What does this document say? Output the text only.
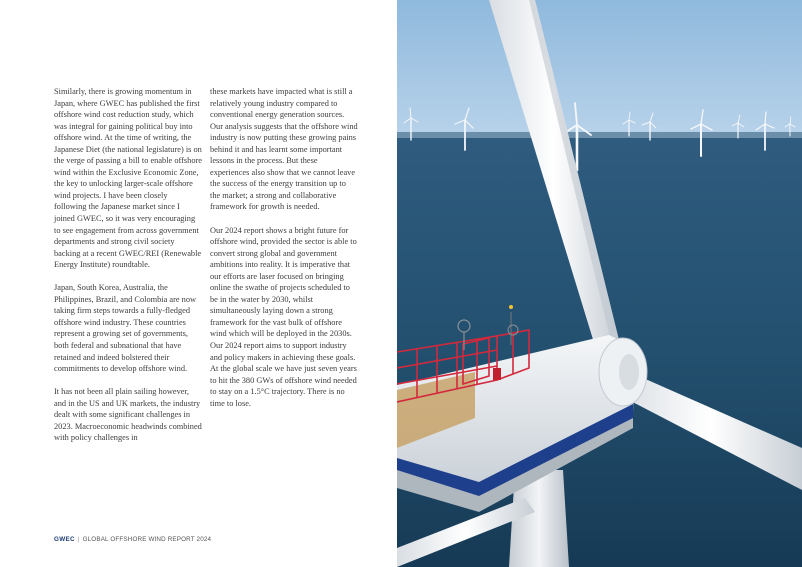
Similarly, there is growing momentum in Japan, where GWEC has published the first offshore wind cost reduction study, which was integral for gaining political buy into offshore wind. At the time of writing, the Japanese Diet (the national legislature) is on the verge of passing a bill to enable offshore wind within the Exclusive Economic Zone, the key to unlocking larger-scale offshore wind projects. I have been closely following the Japanese market since I joined GWEC, so it was very encouraging to see engagement from across government departments and strong civil society backing at a recent GWEC/REI (Renewable Energy Institute) roundtable.

Japan, South Korea, Australia, the Philippines, Brazil, and Colombia are now taking firm steps towards a fully-fledged offshore wind industry. These countries represent a growing set of governments, both federal and subnational that have retained and indeed bolstered their commitments to develop offshore wind.

It has not been all plain sailing however, and in the US and UK markets, the industry dealt with some significant challenges in 2023. Macroeconomic headwinds combined with policy challenges in

these markets have impacted what is still a relatively young industry compared to conventional energy generation sources. Our analysis suggests that the offshore wind industry is now putting these growing pains behind it and has learnt some important lessons in the process. But these experiences also show that we cannot leave the success of the energy transition up to the market; a strong and collaborative framework for growth is needed.

Our 2024 report shows a bright future for offshore wind, provided the sector is able to convert strong global and government ambitions into reality. It is imperative that our efforts are laser focused on bringing online the swathe of projects scheduled to be in the water by 2030, whilst simultaneously laying down a strong framework for the vast bulk of offshore wind which will be deployed in the 2030s. Our 2024 report aims to support industry and policy makers in achieving these goals. At the global scale we have just seven years to hit the 380 GWs of offshore wind needed to stay on a 1.5°C trajectory. There is no time to lose.

GWEC | GLOBAL OFFSHORE WIND REPORT 2024
